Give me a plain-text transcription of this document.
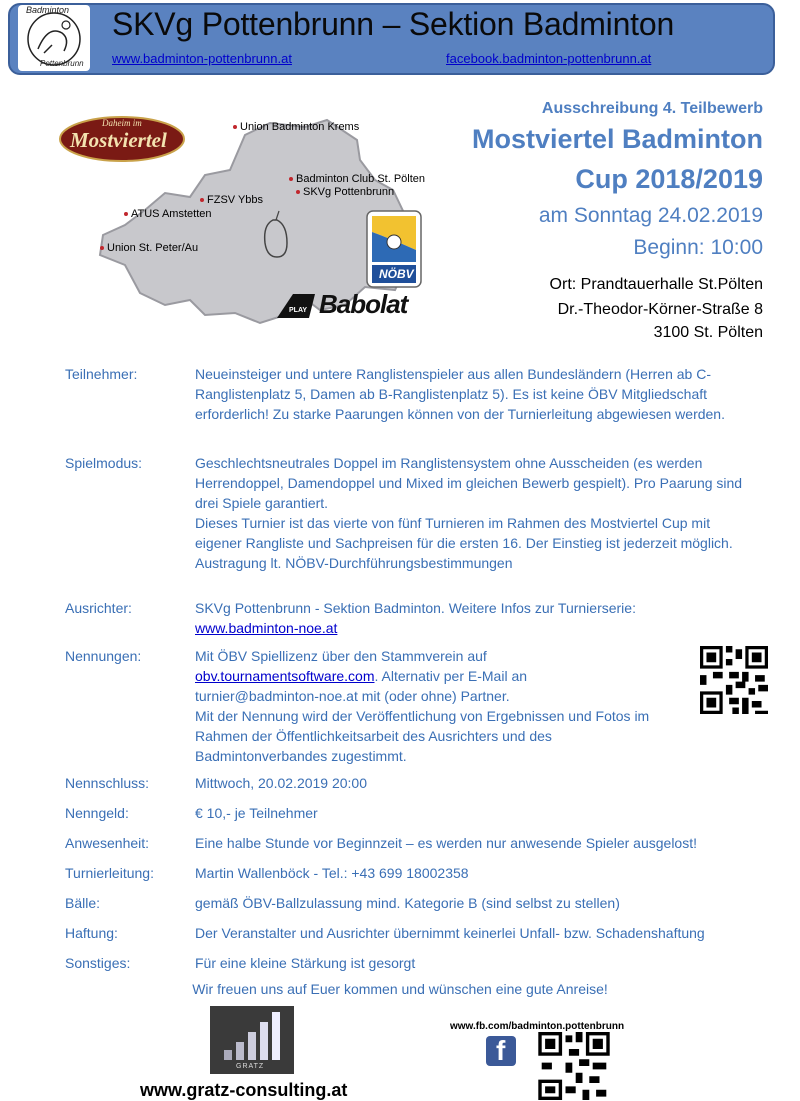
Badminton
Pottenbrunn
SKVg Pottenbrunn – Sektion Badminton
www.badminton-pottenbrunn.at	facebook.badminton-pottenbrunn.at
Daheim im
Mostviertel
Union Badminton Krems
Badminton Club St. Pölten
SKVg Pottenbrunn
FZSV Ybbs
ATUS Amstetten
Union St. Peter/Au
NÖBV
PLAY Babolat
Ausschreibung 4. Teilbewerb
Mostviertel Badminton
Cup 2018/2019
am Sonntag 24.02.2019
Beginn: 10:00
Ort: Prandtauerhalle St.Pölten
Dr.-Theodor-Körner-Straße 8
3100 St. Pölten
Teilnehmer:	Neueinsteiger und untere Ranglistenspieler aus allen Bundesländern (Herren ab C-Ranglistenplatz 5, Damen ab B-Ranglistenplatz 5). Es ist keine ÖBV Mitgliedschaft erforderlich! Zu starke Paarungen können von der Turnierleitung abgewiesen werden.
Spielmodus:	Geschlechtsneutrales Doppel im Ranglistensystem ohne Ausscheiden (es werden Herrendoppel, Damendoppel und Mixed im gleichen Bewerb gespielt). Pro Paarung sind drei Spiele garantiert.
Dieses Turnier ist das vierte von fünf Turnieren im Rahmen des Mostviertel Cup mit eigener Rangliste und Sachpreisen für die ersten 16. Der Einstieg ist jederzeit möglich.
Austragung lt. NÖBV-Durchführungsbestimmungen
Ausrichter:	SKVg Pottenbrunn - Sektion Badminton. Weitere Infos zur Turnierserie:
www.badminton-noe.at
Nennungen:	Mit ÖBV Spiellizenz über den Stammverein auf
obv.tournamentsoftware.com. Alternativ per E-Mail an
turnier@badminton-noe.at mit (oder ohne) Partner.
Mit der Nennung wird der Veröffentlichung von Ergebnissen und Fotos im Rahmen der Öffentlichkeitsarbeit des Ausrichters und des Badmintonverbandes zugestimmt.
Nennschluss:	Mittwoch, 20.02.2019 20:00
Nenngeld:	€ 10,- je Teilnehmer
Anwesenheit:	Eine halbe Stunde vor Beginnzeit – es werden nur anwesende Spieler ausgelost!
Turnierleitung:	Martin Wallenböck - Tel.: +43 699 18002358
Bälle:	gemäß ÖBV-Ballzulassung mind. Kategorie B (sind selbst zu stellen)
Haftung:	Der Veranstalter und Ausrichter übernimmt keinerlei Unfall- bzw. Schadenshaftung
Sonstiges:	Für eine kleine Stärkung ist gesorgt
Wir freuen uns auf Euer kommen und wünschen eine gute Anreise!
GRATZ
www.gratz-consulting.at
www.fb.com/badminton.pottenbrunn
f
